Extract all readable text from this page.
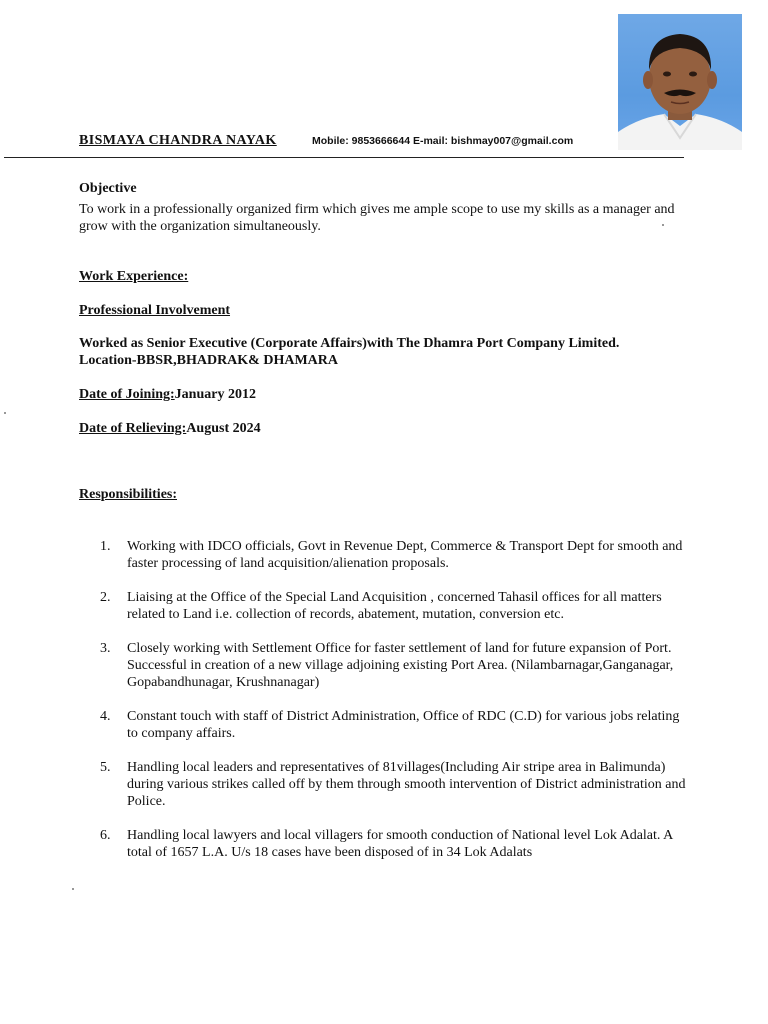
BISMAYA CHANDRA NAYAK	Mobile: 9853666644 E-mail: bishmay007@gmail.com
Objective
To work in a professionally organized firm which gives me ample scope to use my skills as a manager and grow with the organization simultaneously.
Work Experience:
Professional Involvement
Worked as Senior Executive (Corporate Affairs)with The Dhamra Port Company Limited.
Location-BBSR,BHADRAK& DHAMARA
Date of Joining:January 2012
Date of Relieving:August 2024
Responsibilities:
1.	Working with IDCO officials, Govt in Revenue Dept, Commerce & Transport Dept for smooth and faster processing of land acquisition/alienation proposals.
2.	Liaising at the Office of the Special Land Acquisition , concerned Tahasil offices for all matters related to Land i.e. collection of records, abatement, mutation, conversion etc.
3.	Closely working with Settlement Office for faster settlement of land for future expansion of Port. Successful in creation of a new village adjoining existing Port Area. (Nilambarnagar,Ganganagar, Gopabandhunagar, Krushnanagar)
4.	Constant touch with staff of District Administration, Office of RDC (C.D) for various jobs relating to company affairs.
5.	Handling local leaders and representatives of 81villages(Including Air stripe area in Balimunda) during various strikes called off by them through smooth intervention of District administration and Police.
6.	Handling local lawyers and local villagers for smooth conduction of National level Lok Adalat. A total of 1657 L.A. U/s 18 cases have been disposed of in 34 Lok Adalats
